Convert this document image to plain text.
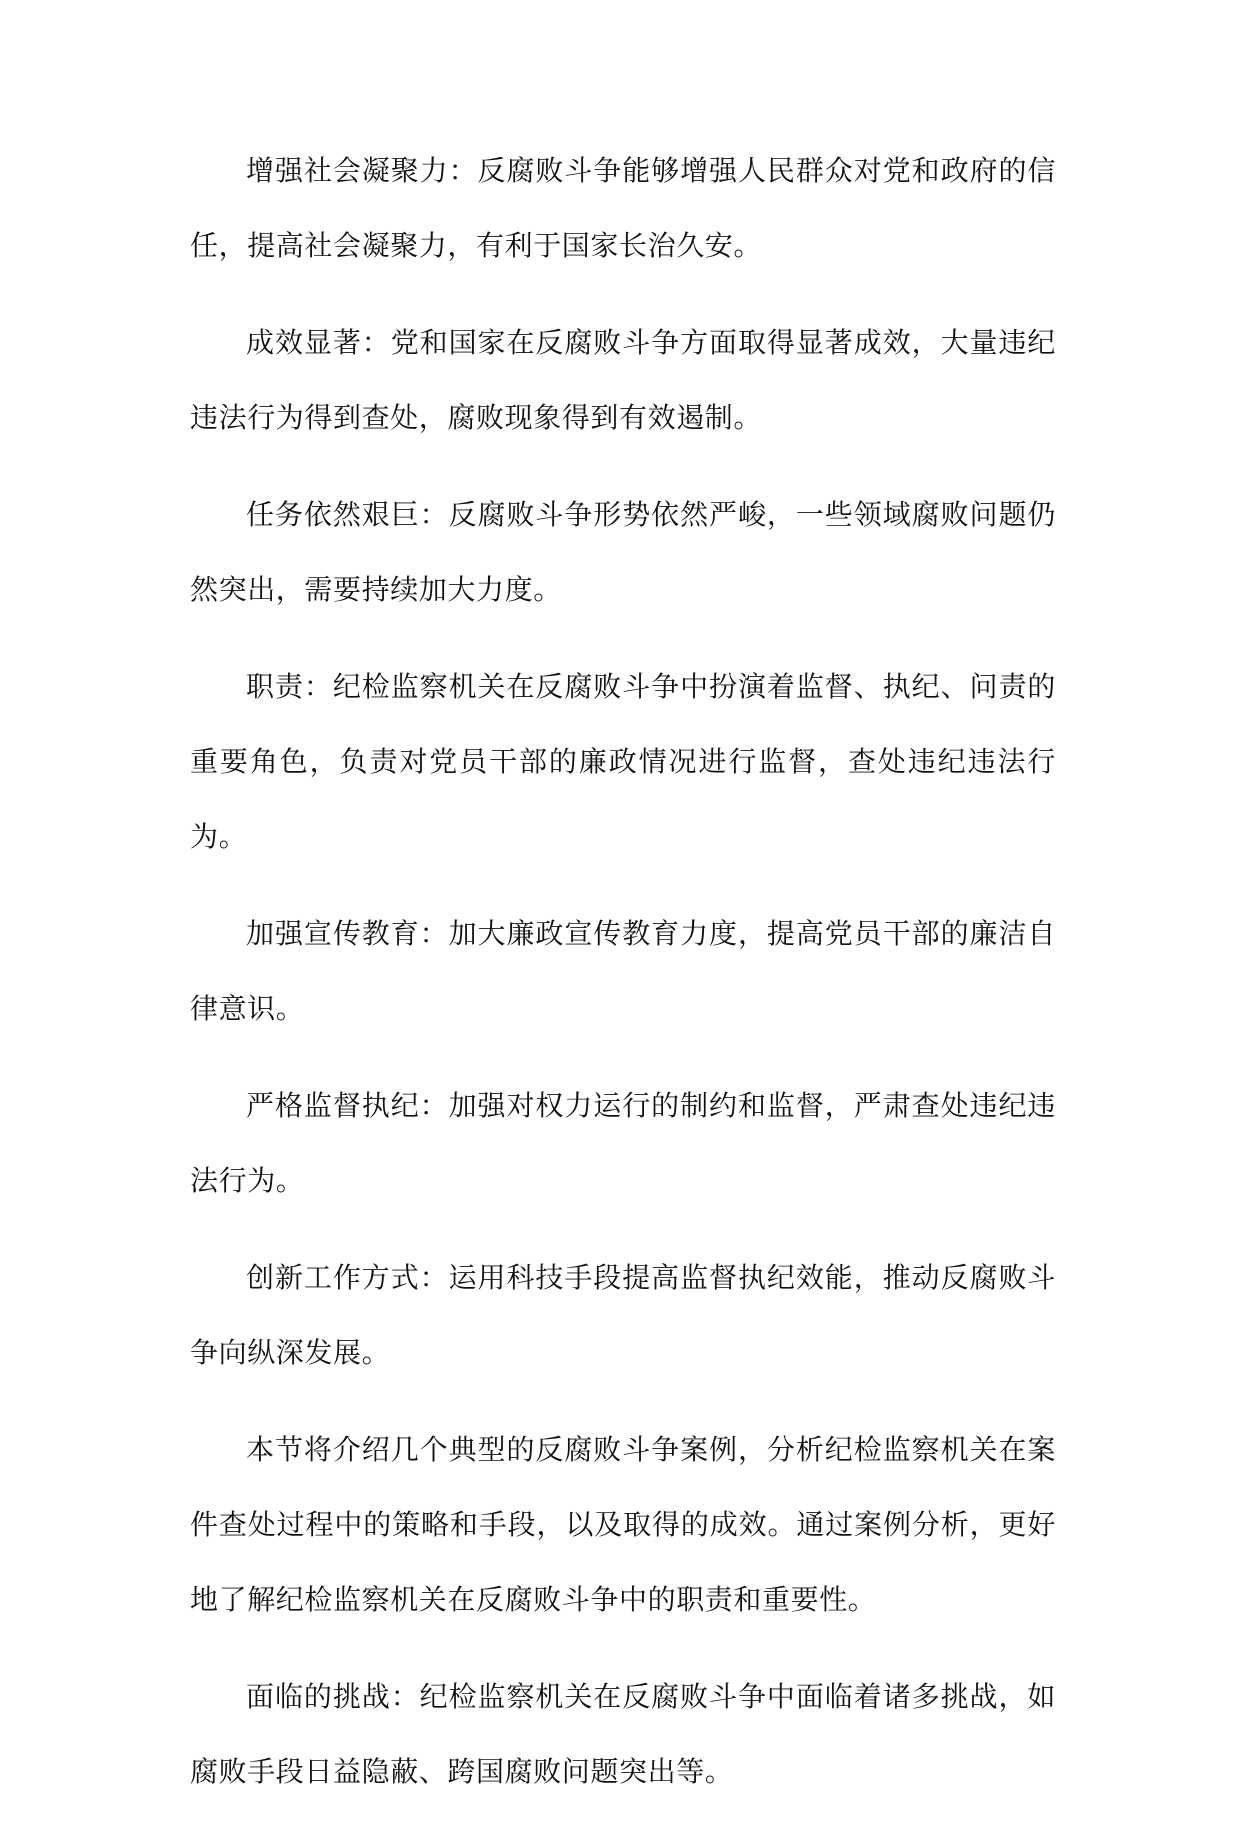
增强社会凝聚力：反腐败斗争能够增强人民群众对党和政府的信任，提高社会凝聚力，有利于国家长治久安。

成效显著：党和国家在反腐败斗争方面取得显著成效，大量违纪违法行为得到查处，腐败现象得到有效遏制。

任务依然艰巨：反腐败斗争形势依然严峻，一些领域腐败问题仍然突出，需要持续加大力度。

职责：纪检监察机关在反腐败斗争中扮演着监督、执纪、问责的重要角色，负责对党员干部的廉政情况进行监督，查处违纪违法行为。

加强宣传教育：加大廉政宣传教育力度，提高党员干部的廉洁自律意识。

严格监督执纪：加强对权力运行的制约和监督，严肃查处违纪违法行为。

创新工作方式：运用科技手段提高监督执纪效能，推动反腐败斗争向纵深发展。

本节将介绍几个典型的反腐败斗争案例，分析纪检监察机关在案件查处过程中的策略和手段，以及取得的成效。通过案例分析，更好地了解纪检监察机关在反腐败斗争中的职责和重要性。

面临的挑战：纪检监察机关在反腐败斗争中面临着诸多挑战，如腐败手段日益隐蔽、跨国腐败问题突出等。
